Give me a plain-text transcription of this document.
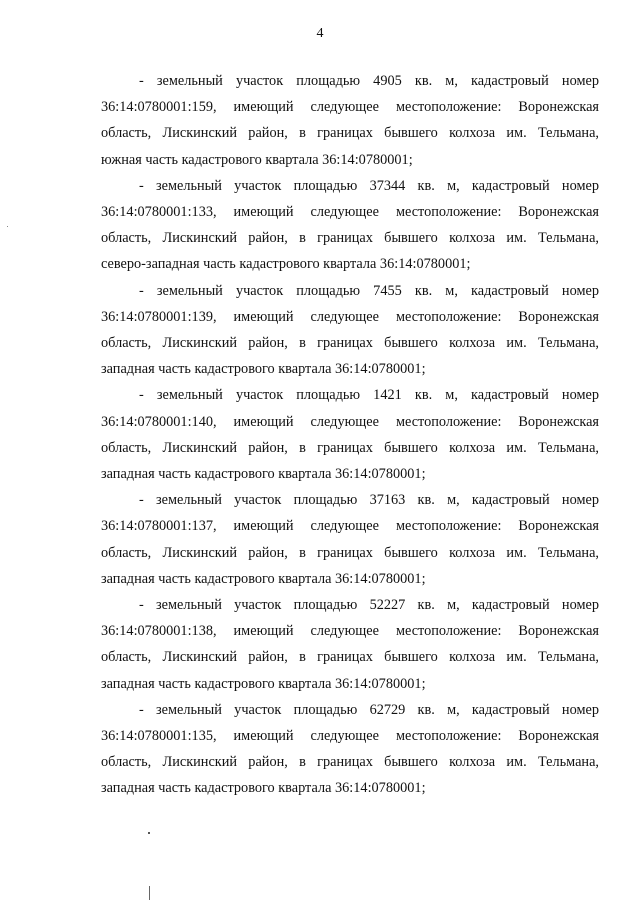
4

- земельный участок площадью 4905 кв. м, кадастровый номер
36:14:0780001:159, имеющий следующее местоположение: Воронежская
область, Лискинский район, в границах бывшего колхоза им. Тельмана,
южная часть кадастрового квартала 36:14:0780001;

- земельный участок площадью 37344 кв. м, кадастровый номер
36:14:0780001:133, имеющий следующее местоположение: Воронежская
область, Лискинский район, в границах бывшего колхоза им. Тельмана,
северо-западная часть кадастрового квартала 36:14:0780001;

- земельный участок площадью 7455 кв. м, кадастровый номер
36:14:0780001:139, имеющий следующее местоположение: Воронежская
область, Лискинский район, в границах бывшего колхоза им. Тельмана,
западная часть кадастрового квартала 36:14:0780001;

- земельный участок площадью 1421 кв. м, кадастровый номер
36:14:0780001:140, имеющий следующее местоположение: Воронежская
область, Лискинский район, в границах бывшего колхоза им. Тельмана,
западная часть кадастрового квартала 36:14:0780001;

- земельный участок площадью 37163 кв. м, кадастровый номер
36:14:0780001:137, имеющий следующее местоположение: Воронежская
область, Лискинский район, в границах бывшего колхоза им. Тельмана,
западная часть кадастрового квартала 36:14:0780001;

- земельный участок площадью 52227 кв. м, кадастровый номер
36:14:0780001:138, имеющий следующее местоположение: Воронежская
область, Лискинский район, в границах бывшего колхоза им. Тельмана,
западная часть кадастрового квартала 36:14:0780001;

- земельный участок площадью 62729 кв. м, кадастровый номер
36:14:0780001:135, имеющий следующее местоположение: Воронежская
область, Лискинский район, в границах бывшего колхоза им. Тельмана,
западная часть кадастрового квартала 36:14:0780001;
